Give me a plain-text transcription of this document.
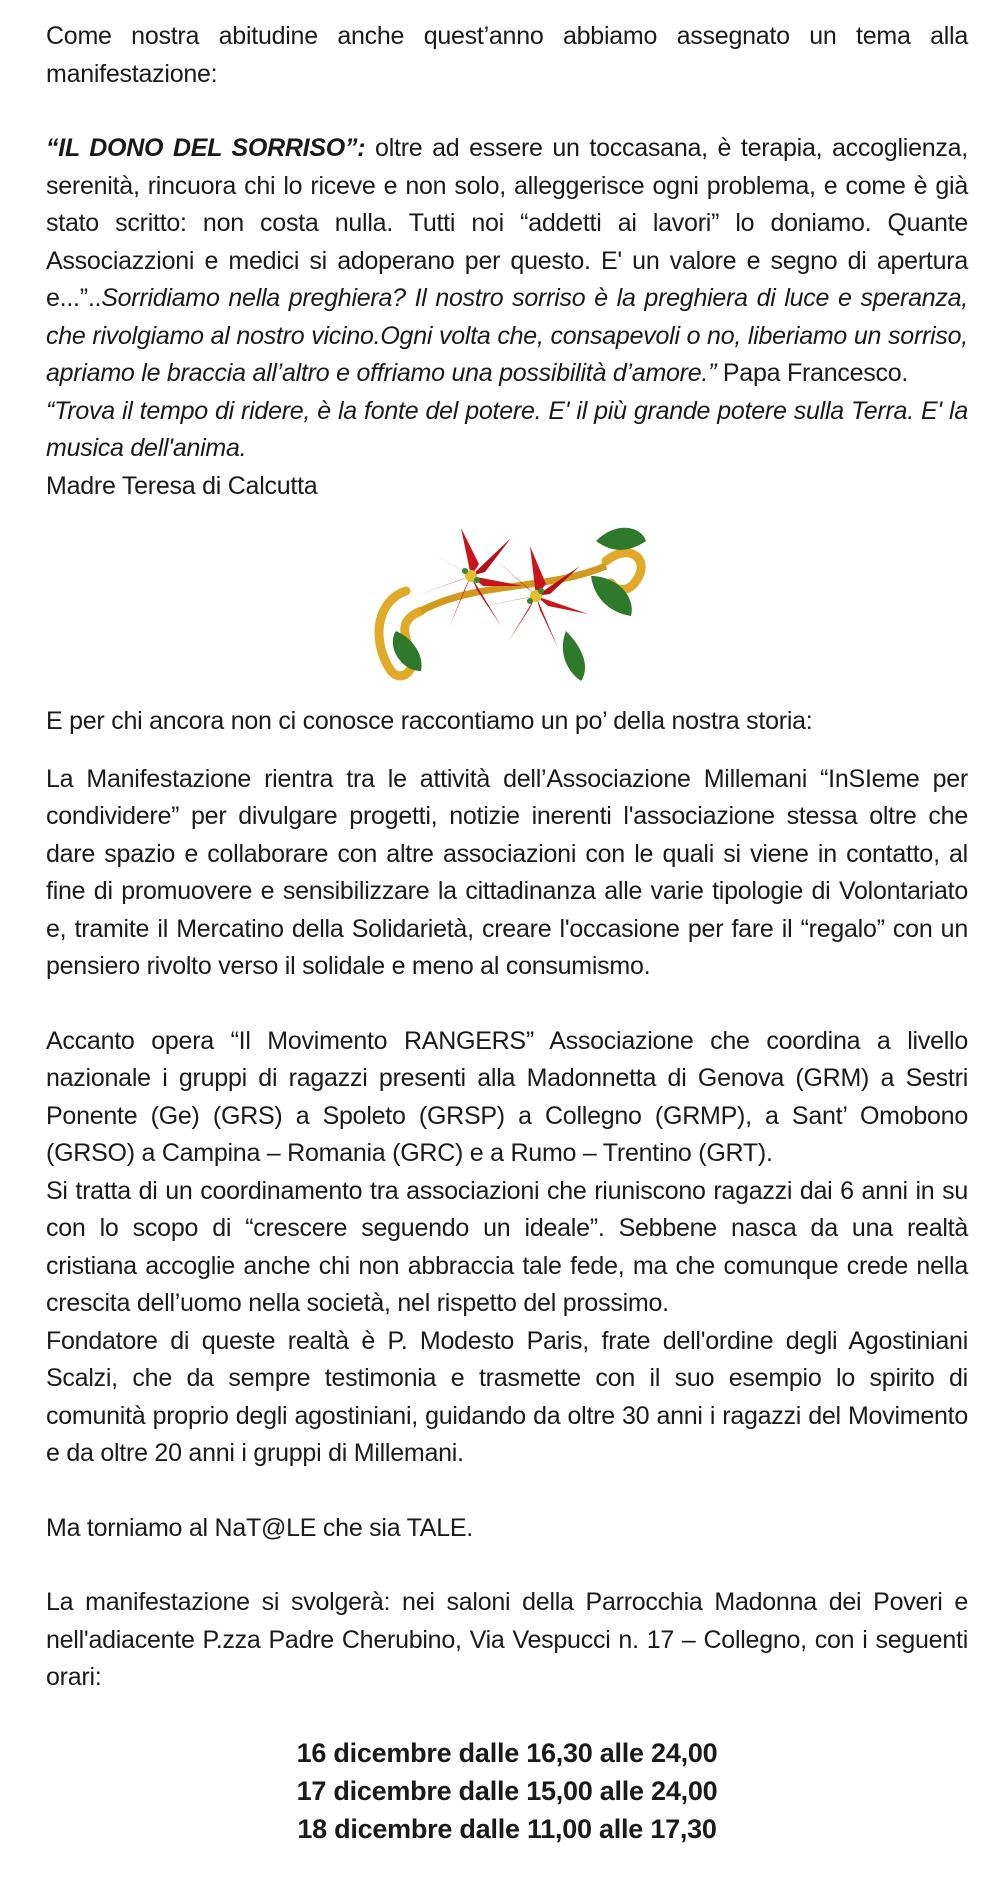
Come nostra abitudine anche quest’anno abbiamo assegnato un tema alla manifestazione:

“IL DONO DEL SORRISO”: oltre ad essere un toccasana, è terapia, accoglienza, serenità, rincuora chi lo riceve e non solo, alleggerisce ogni problema, e come è già stato scritto: non costa nulla. Tutti noi “addetti ai lavori” lo doniamo. Quante Associazzioni e medici si adoperano per questo. E' un valore e segno di apertura e...”..Sorridiamo nella preghiera? Il nostro sorriso è la preghiera di luce e speranza, che rivolgiamo al nostro vicino.Ogni volta che, consapevoli o no, liberiamo un sorriso, apriamo le braccia all’altro e offriamo una possibilità d’amore.” Papa Francesco.

“Trova il tempo di ridere, è la fonte del potere. E' il più grande potere sulla Terra. E' la musica dell'anima.

Madre Teresa di Calcutta

E per chi ancora non ci conosce raccontiamo un po’ della nostra storia:

La Manifestazione rientra tra le attività dell’Associazione Millemani “InSIeme per condividere” per divulgare progetti, notizie inerenti l'associazione stessa oltre che dare spazio e collaborare con altre associazioni con le quali si viene in contatto, al fine di promuovere e sensibilizzare la cittadinanza alle varie tipologie di Volontariato e, tramite il Mercatino della Solidarietà, creare l'occasione per fare il “regalo” con un pensiero rivolto verso il solidale e meno al consumismo.

Accanto opera “Il Movimento RANGERS” Associazione che coordina a livello nazionale i gruppi di ragazzi presenti alla Madonnetta di Genova (GRM) a Sestri Ponente (Ge) (GRS) a Spoleto (GRSP) a Collegno (GRMP), a Sant’ Omobono (GRSO) a Campina – Romania (GRC) e a Rumo – Trentino (GRT).

Si tratta di un coordinamento tra associazioni che riuniscono ragazzi dai 6 anni in su con lo scopo di “crescere seguendo un ideale”. Sebbene nasca da una realtà cristiana accoglie anche chi non abbraccia tale fede, ma che comunque crede nella crescita dell’uomo nella società, nel rispetto del prossimo.

Fondatore di queste realtà è P. Modesto Paris, frate dell'ordine degli Agostiniani Scalzi, che da sempre testimonia e trasmette con il suo esempio lo spirito di comunità proprio degli agostiniani, guidando da oltre 30 anni i ragazzi del Movimento e da oltre 20 anni i gruppi di Millemani.

Ma torniamo al NaT@LE che sia TALE.

La manifestazione si svolgerà: nei saloni della Parrocchia Madonna dei Poveri e nell'adiacente P.zza Padre Cherubino, Via Vespucci n. 17 – Collegno, con i seguenti orari:

16 dicembre dalle 16,30 alle 24,00
17 dicembre dalle 15,00 alle 24,00
18 dicembre dalle 11,00 alle 17,30
